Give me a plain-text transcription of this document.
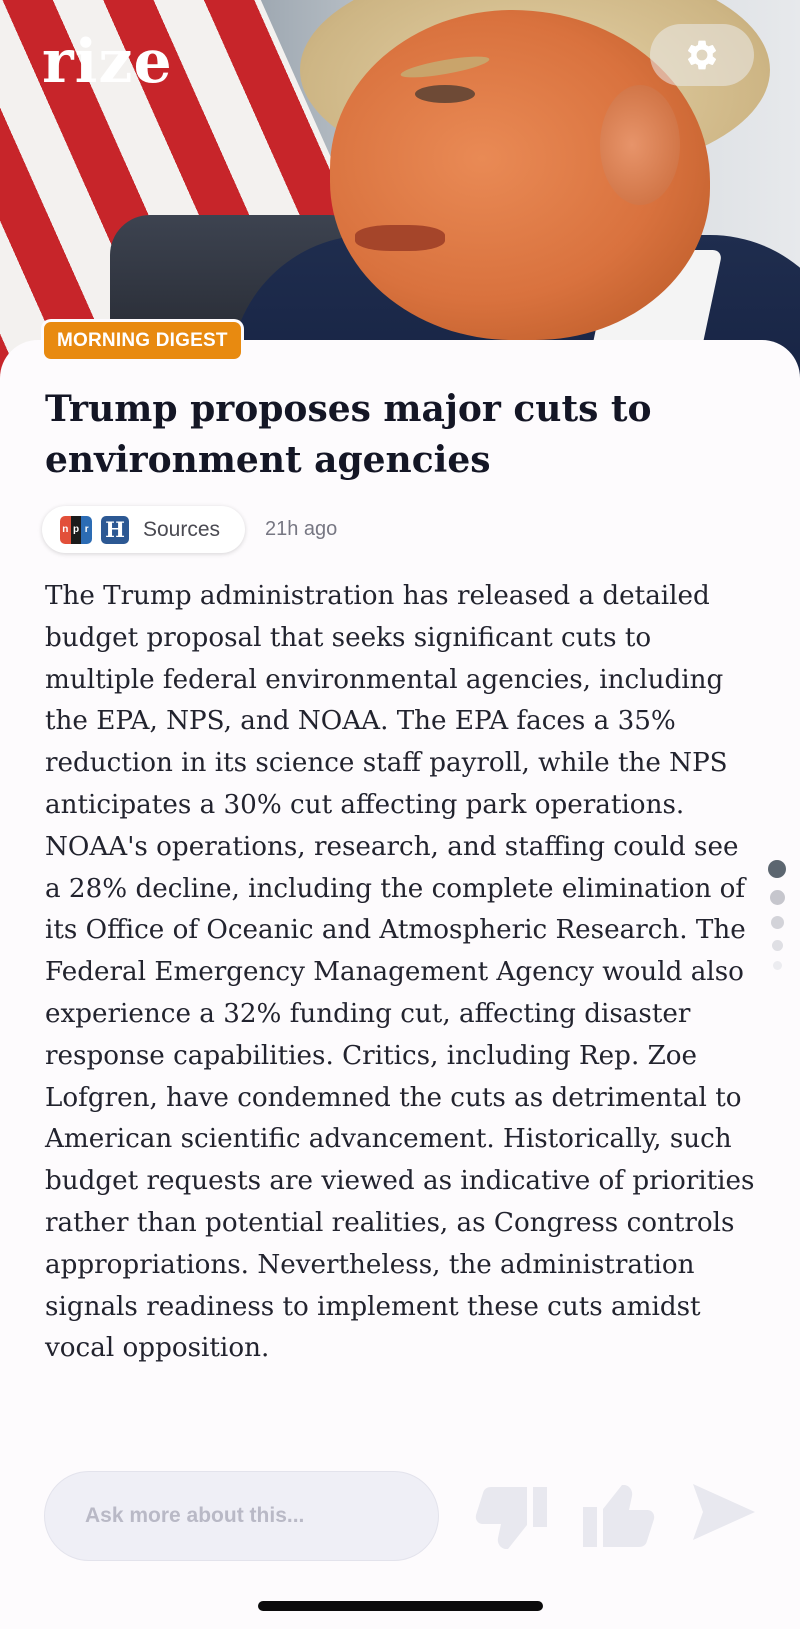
rize
MORNING DIGEST
Trump proposes major cuts to environment agencies
n p r H Sources 21h ago

The Trump administration has released a detailed budget proposal that seeks significant cuts to multiple federal environmental agencies, including the EPA, NPS, and NOAA. The EPA faces a 35% reduction in its science staff payroll, while the NPS anticipates a 30% cut affecting park operations. NOAA's operations, research, and staffing could see a 28% decline, including the complete elimination of its Office of Oceanic and Atmospheric Research. The Federal Emergency Management Agency would also experience a 32% funding cut, affecting disaster response capabilities. Critics, including Rep. Zoe Lofgren, have condemned the cuts as detrimental to American scientific advancement. Historically, such budget requests are viewed as indicative of priorities rather than potential realities, as Congress controls appropriations. Nevertheless, the administration signals readiness to implement these cuts amidst vocal opposition.

Ask more about this...
